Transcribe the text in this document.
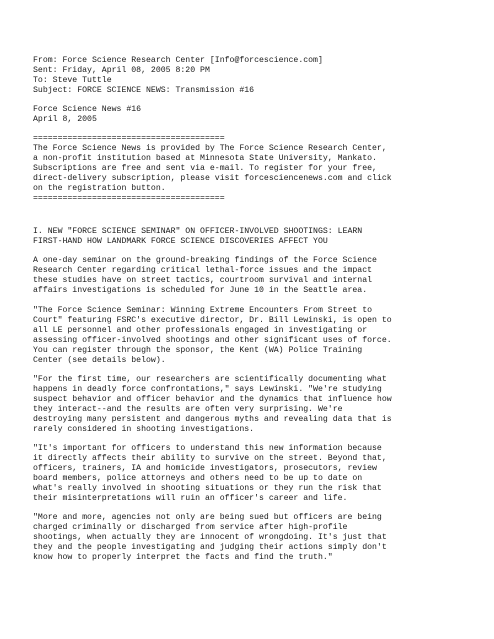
From: Force Science Research Center [Info@forcescience.com]
Sent: Friday, April 08, 2005 8:20 PM
To: Steve Tuttle
Subject: FORCE SCIENCE NEWS: Transmission #16
Force Science News #16
April 8, 2005
=======================================
The Force Science News is provided by The Force Science Research Center,
a non-profit institution based at Minnesota State University, Mankato.
Subscriptions are free and sent via e-mail. To register for your free,
direct-delivery subscription, please visit forcesciencenews.com and click
on the registration button.
=======================================
I. NEW "FORCE SCIENCE SEMINAR" ON OFFICER-INVOLVED SHOOTINGS: LEARN
FIRST-HAND HOW LANDMARK FORCE SCIENCE DISCOVERIES AFFECT YOU
A one-day seminar on the ground-breaking findings of the Force Science
Research Center regarding critical lethal-force issues and the impact
these studies have on street tactics, courtroom survival and internal
affairs investigations is scheduled for June 10 in the Seattle area.
"The Force Science Seminar: Winning Extreme Encounters From Street to
Court" featuring FSRC's executive director, Dr. Bill Lewinski, is open to
all LE personnel and other professionals engaged in investigating or
assessing officer-involved shootings and other significant uses of force.
You can register through the sponsor, the Kent (WA) Police Training
Center (see details below).
"For the first time, our researchers are scientifically documenting what
happens in deadly force confrontations," says Lewinski. "We're studying
suspect behavior and officer behavior and the dynamics that influence how
they interact--and the results are often very surprising. We're
destroying many persistent and dangerous myths and revealing data that is
rarely considered in shooting investigations.
"It's important for officers to understand this new information because
it directly affects their ability to survive on the street. Beyond that,
officers, trainers, IA and homicide investigators, prosecutors, review
board members, police attorneys and others need to be up to date on
what's really involved in shooting situations or they run the risk that
their misinterpretations will ruin an officer's career and life.
"More and more, agencies not only are being sued but officers are being
charged criminally or discharged from service after high-profile
shootings, when actually they are innocent of wrongdoing. It's just that
they and the people investigating and judging their actions simply don't
know how to properly interpret the facts and find the truth."
